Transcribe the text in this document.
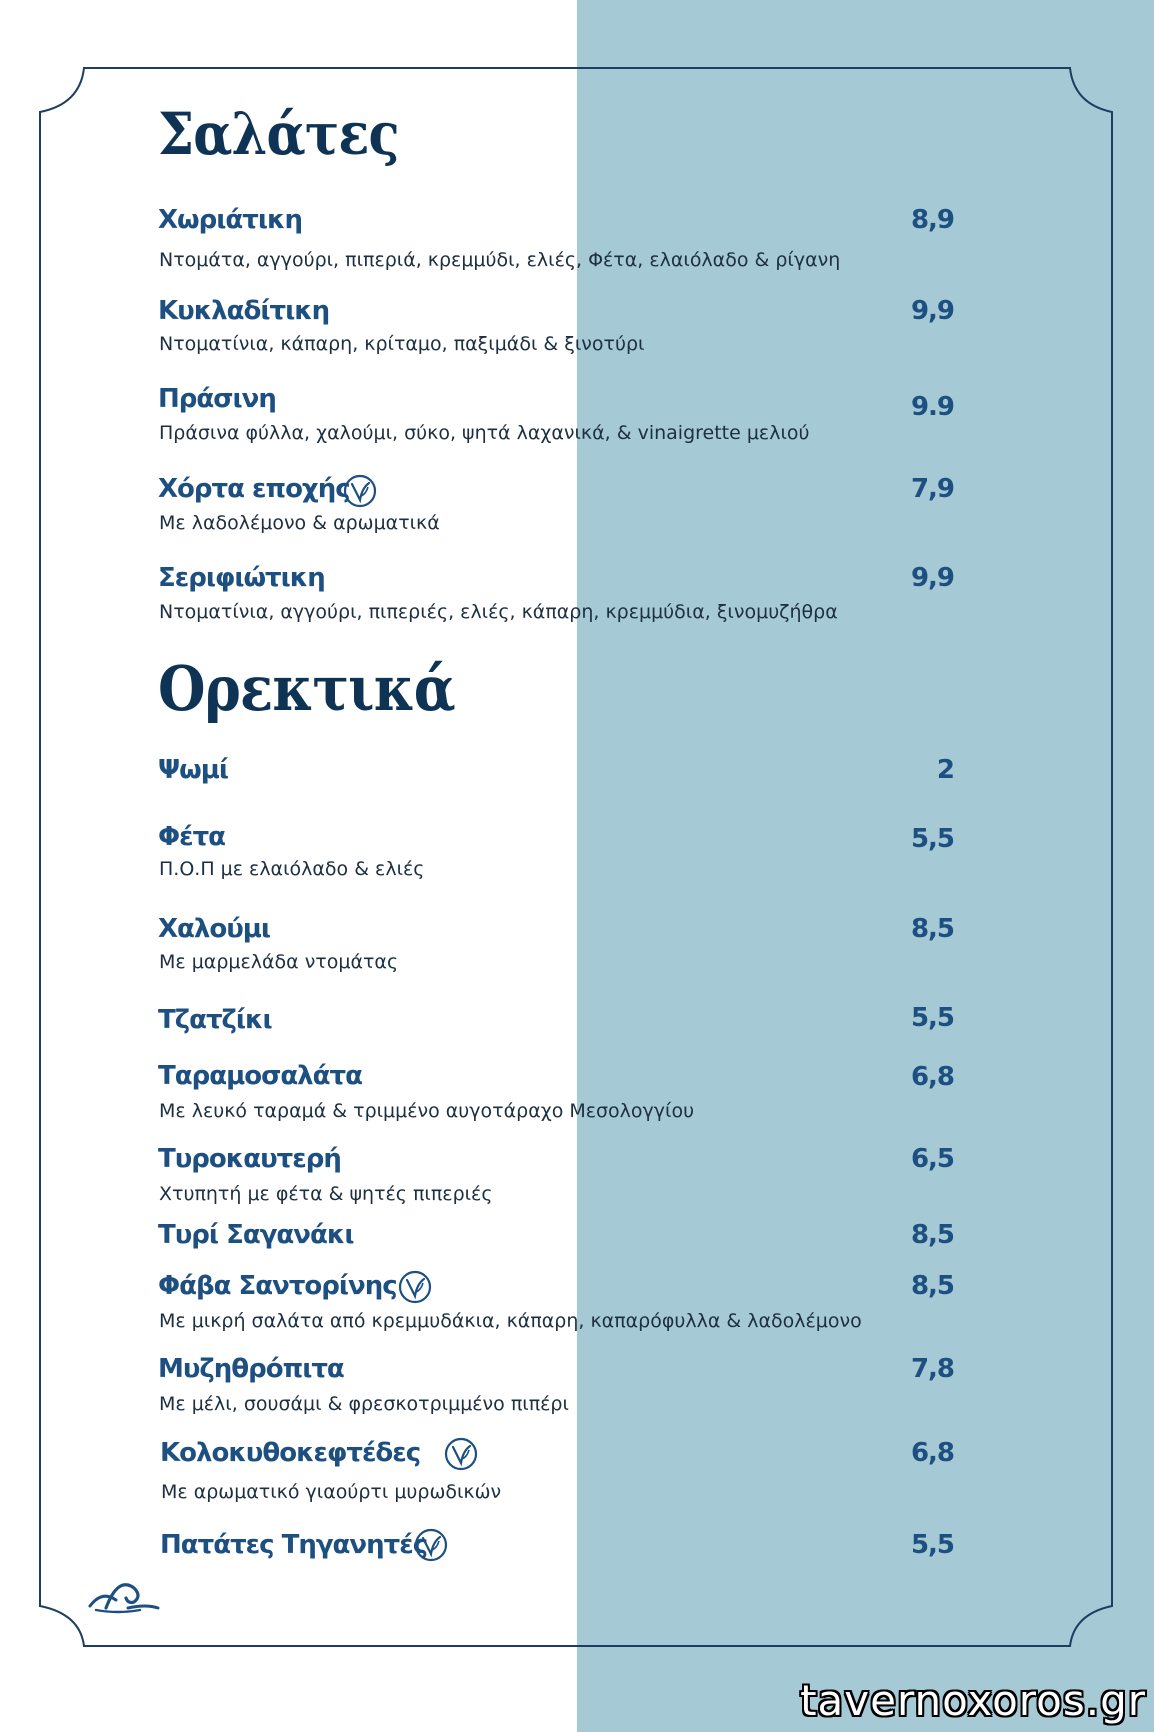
Σαλάτες
Χωριάτικη	8,9
Ντομάτα, αγγούρι, πιπεριά, κρεμμύδι, ελιές, Φέτα, ελαιόλαδο & ρίγανη
Κυκλαδίτικη	9,9
Ντοματίνια, κάπαρη, κρίταμο, παξιμάδι & ξινοτύρι
Πράσινη	9.9
Πράσινα φύλλα, χαλούμι, σύκο, ψητά λαχανικά, & vinaigrette μελιού
Χόρτα εποχής	7,9
Με λαδολέμονο & αρωματικά
Σεριφιώτικη	9,9
Ντοματίνια, αγγούρι, πιπεριές, ελιές, κάπαρη, κρεμμύδια, ξινομυζήθρα
Ορεκτικά
Ψωμί	2
Φέτα	5,5
Π.Ο.Π με ελαιόλαδο & ελιές
Χαλούμι	8,5
Με μαρμελάδα ντομάτας
Τζατζίκι	5,5
Ταραμοσαλάτα	6,8
Με λευκό ταραμά & τριμμένο αυγοτάραχο Μεσολογγίου
Τυροκαυτερή	6,5
Χτυπητή με φέτα & ψητές πιπεριές
Τυρί Σαγανάκι	8,5
Φάβα Σαντορίνης	8,5
Με μικρή σαλάτα από κρεμμυδάκια, κάπαρη, καπαρόφυλλα & λαδολέμονο
Μυζηθρόπιτα	7,8
Με μέλι, σουσάμι & φρεσκοτριμμένο πιπέρι
Κολοκυθοκεφτέδες	6,8
Με αρωματικό γιαούρτι μυρωδικών
Πατάτες Τηγανητές	5,5
tavernoxoros.gr
